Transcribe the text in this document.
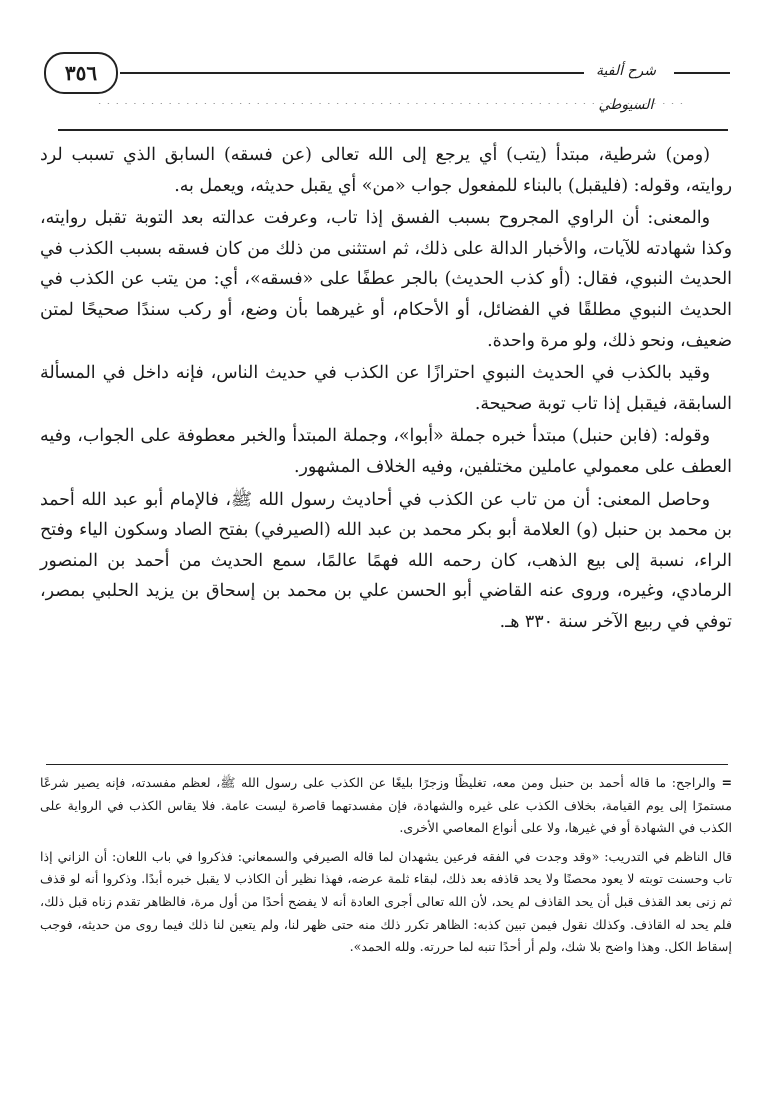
٣٥٦	شرح ألفية السيوطي

(ومن) شرطية، مبتدأ (يتب) أي يرجع إلى الله تعالى (عن فسقه) السابق الذي تسبب لرد روايته، وقوله: (فليقبل) بالبناء للمفعول جواب «من» أي يقبل حديثه، ويعمل به.

والمعنى: أن الراوي المجروح بسبب الفسق إذا تاب، وعرفت عدالته بعد التوبة تقبل روايته، وكذا شهادته للآيات، والأخبار الدالة على ذلك، ثم استثنى من ذلك من كان فسقه بسبب الكذب في الحديث النبوي، فقال: (أو كذب الحديث) بالجر عطفًا على «فسقه»، أي: من يتب عن الكذب في الحديث النبوي مطلقًا في الفضائل، أو الأحكام، أو غيرهما بأن وضع، أو ركب سندًا صحيحًا لمتن ضعيف، ونحو ذلك، ولو مرة واحدة.

وقيد بالكذب في الحديث النبوي احترازًا عن الكذب في حديث الناس، فإنه داخل في المسألة السابقة، فيقبل إذا تاب توبة صحيحة.

وقوله: (فابن حنبل) مبتدأ خبره جملة «أبوا»، وجملة المبتدأ والخبر معطوفة على الجواب، وفيه العطف على معمولي عاملين مختلفين، وفيه الخلاف المشهور.

وحاصل المعنى: أن من تاب عن الكذب في أحاديث رسول الله ﷺ، فالإمام أبو عبد الله أحمد بن محمد بن حنبل (و) العلامة أبو بكر محمد بن عبد الله (الصيرفي) بفتح الصاد وسكون الياء وفتح الراء، نسبة إلى بيع الذهب، كان رحمه الله فهمًا عالمًا، سمع الحديث من أحمد بن المنصور الرمادي، وغيره، وروى عنه القاضي أبو الحسن علي بن محمد بن إسحاق بن يزيد الحلبي بمصر، توفي في ربيع الآخر سنة ٣٣٠ هـ.

= والراجح: ما قاله أحمد بن حنبل ومن معه، تغليظًا وزجرًا بليغًا عن الكذب على رسول الله ﷺ، لعظم مفسدته، فإنه يصير شرعًا مستمرًا إلى يوم القيامة، بخلاف الكذب على غيره والشهادة، فإن مفسدتهما قاصرة ليست عامة. فلا يقاس الكذب في الرواية على الكذب في الشهادة أو في غيرها، ولا على أنواع المعاصي الأخرى.

قال الناظم في التدريب: «وقد وجدت في الفقه فرعين يشهدان لما قاله الصيرفي والسمعاني: فذكروا في باب اللعان: أن الزاني إذا تاب وحسنت توبته لا يعود محصنًا ولا يحد قاذفه بعد ذلك، لبقاء ثلمة عرضه، فهذا نظير أن الكاذب لا يقبل خبره أبدًا. وذكروا أنه لو قذف ثم زنى بعد القذف قبل أن يحد القاذف لم يحد، لأن الله تعالى أجرى العادة أنه لا يفضح أحدًا من أول مرة، فالظاهر تقدم زناه قبل ذلك، فلم يحد له القاذف. وكذلك نقول فيمن تبين كذبه: الظاهر تكرر ذلك منه حتى ظهر لنا، ولم يتعين لنا ذلك فيما روى من حديثه، فوجب إسقاط الكل. وهذا واضح بلا شك، ولم أر أحدًا تنبه لما حررته. ولله الحمد».
